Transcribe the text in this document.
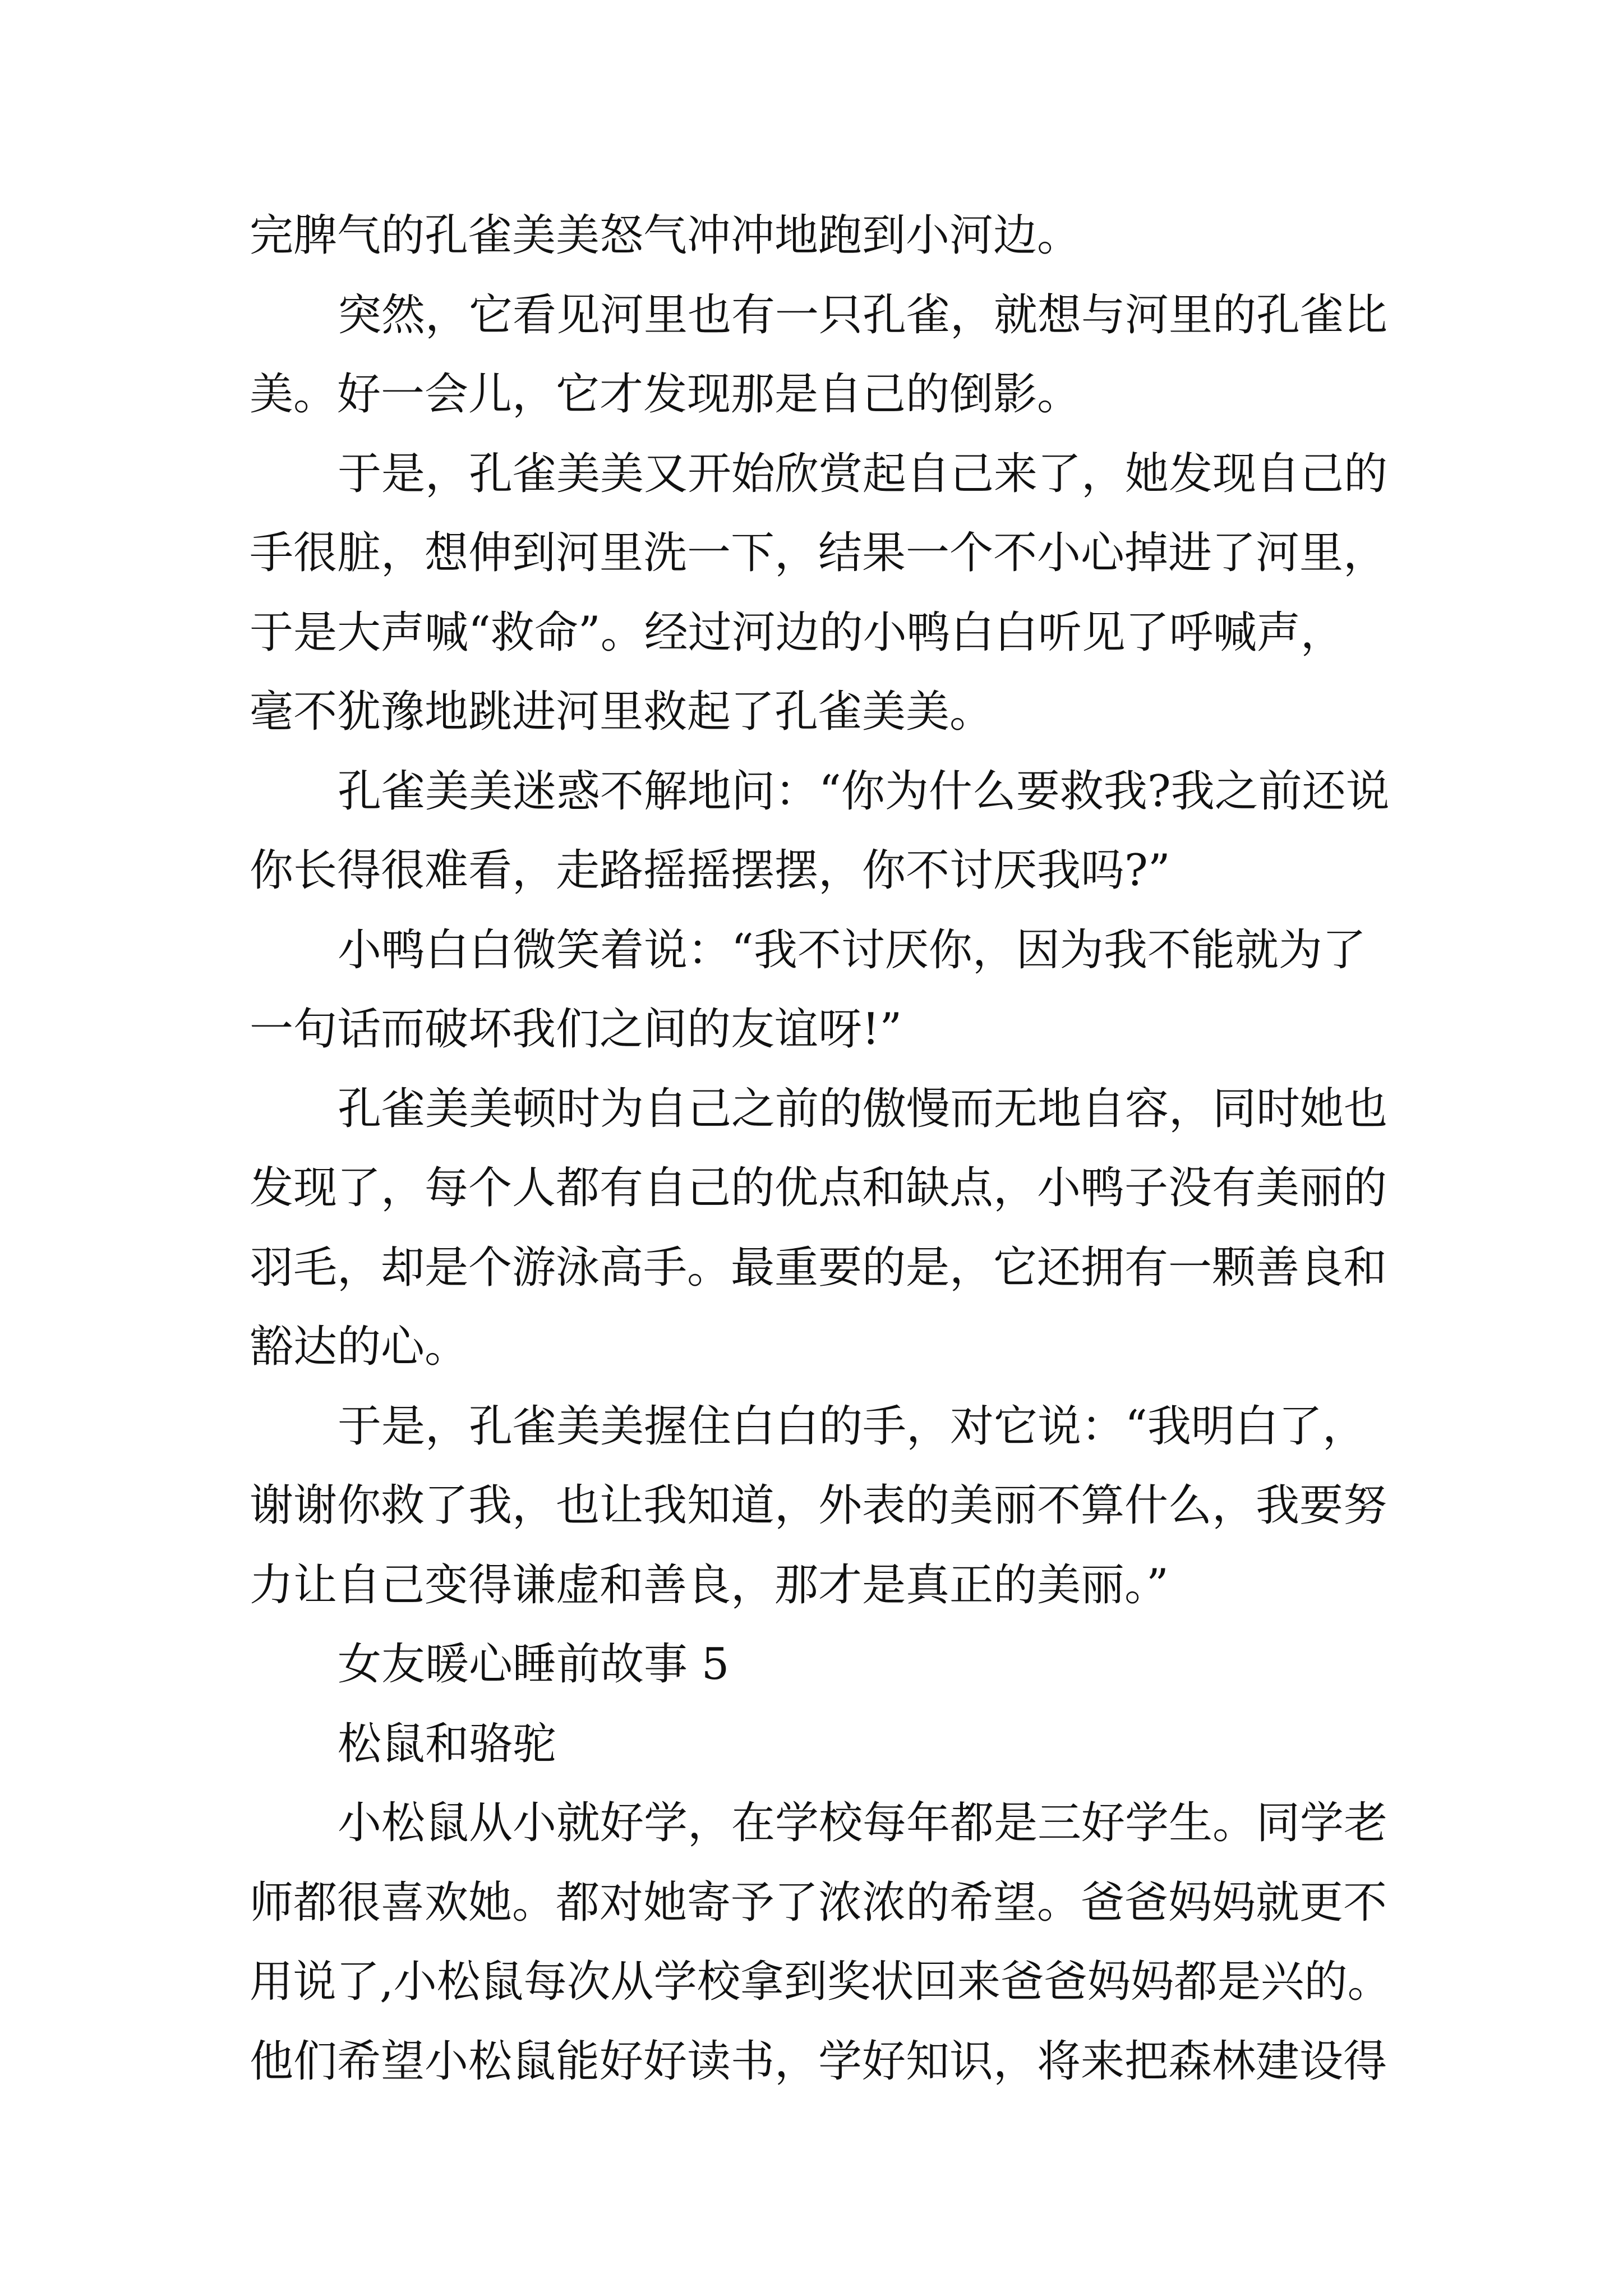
完脾气的孔雀美美怒气冲冲地跑到小河边。
突然，它看见河里也有一只孔雀，就想与河里的孔雀比
美。好一会儿，它才发现那是自己的倒影。
于是，孔雀美美又开始欣赏起自己来了，她发现自己的
手很脏，想伸到河里洗一下，结果一个不小心掉进了河里，
于是大声喊“救命”。经过河边的小鸭白白听见了呼喊声，
毫不犹豫地跳进河里救起了孔雀美美。
孔雀美美迷惑不解地问：“你为什么要救我?我之前还说
你长得很难看，走路摇摇摆摆，你不讨厌我吗?”
小鸭白白微笑着说：“我不讨厌你，因为我不能就为了
一句话而破坏我们之间的友谊呀!”
孔雀美美顿时为自己之前的傲慢而无地自容，同时她也
发现了，每个人都有自己的优点和缺点，小鸭子没有美丽的
羽毛，却是个游泳高手。最重要的是，它还拥有一颗善良和
豁达的心。
于是，孔雀美美握住白白的手，对它说：“我明白了，
谢谢你救了我，也让我知道，外表的美丽不算什么，我要努
力让自己变得谦虚和善良，那才是真正的美丽。”
女友暖心睡前故事 5
松鼠和骆驼
小松鼠从小就好学，在学校每年都是三好学生。同学老
师都很喜欢她。都对她寄予了浓浓的希望。爸爸妈妈就更不
用说了,小松鼠每次从学校拿到奖状回来爸爸妈妈都是兴的。
他们希望小松鼠能好好读书，学好知识，将来把森林建设得
